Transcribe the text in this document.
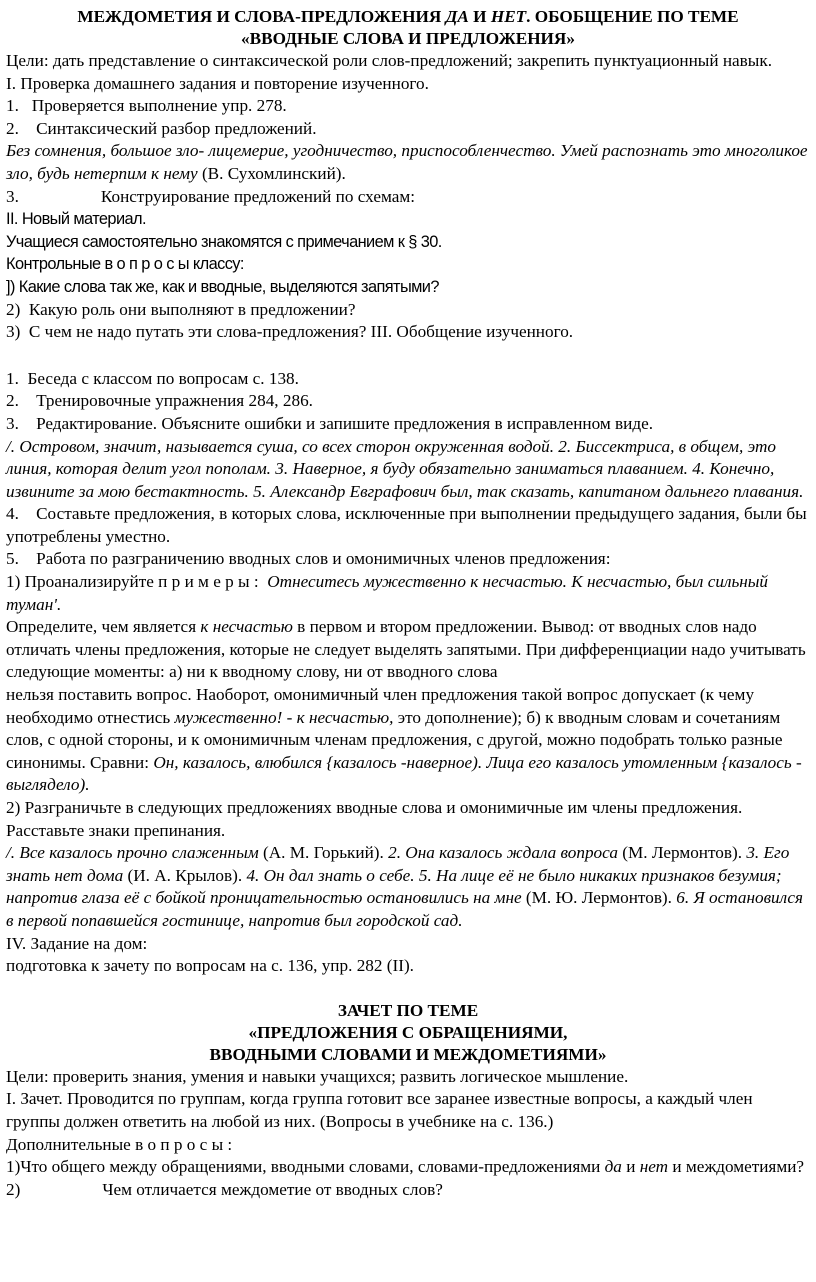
МЕЖДОМЕТИЯ И СЛОВА-ПРЕДЛОЖЕНИЯ ДА И НЕТ. ОБОБЩЕНИЕ ПО ТЕМЕ
«ВВОДНЫЕ СЛОВА И ПРЕДЛОЖЕНИЯ»

Цели: дать представление о синтаксической роли слов-предложений; закрепить пунктуационный навык.

I. Проверка домашнего задания и повторение изученного.

1.   Проверяется выполнение упр. 278.

2.    Синтаксический разбор предложений.

Без сомнения, большое зло- лицемерие, угодничество, приспособленчество. Умей распознать это многоликое зло, будь нетерпим к нему (В. Сухомлинский).

3.	Конструирование предложений по схемам:

II. Новый материал.

Учащиеся самостоятельно знакомятся с примечанием к § 30.

Контрольные в о п р о с ы классу:

]) Какие слова так же, как и вводные, выделяются запятыми?

2)  Какую роль они выполняют в предложении?

3)  С чем не надо путать эти слова-предложения? III. Обобщение изученного.

1.  Беседа с классом по вопросам с. 138.

2.    Тренировочные упражнения 284, 286.

3.    Редактирование. Объясните ошибки и запишите предложения в исправленном виде.

/. Островом, значит, называется суша, со всех сторон окруженная водой. 2. Биссектриса, в общем, это линия, которая делит угол пополам. 3. Наверное, я буду обязательно заниматься плаванием. 4. Конечно, извините за мою бестактность. 5. Александр Евграфович был, так сказать, капитаном дальнего плавания.

4.    Составьте предложения, в которых слова, исключенные при выполнении предыдущего задания, были бы употреблены уместно.

5.    Работа по разграничению вводных слов и омонимичных членов предложения:

1) Проанализируйте п р и м е р ы :  Отнеситесь мужественно к несчастью. К несчастью, был сильный туман'.

Определите, чем является к несчастью в первом и втором предложении. Вывод: от вводных слов надо отличать члены предложения, которые не следует выделять запятыми. При дифференциации надо учитывать следующие моменты: а) ни к вводному слову, ни от вводного слова

нельзя поставить вопрос. Наоборот, омонимичный член предложения такой вопрос допускает (к чему необходимо отнестись мужественно! - к несчастью, это дополнение); б) к вводным словам и сочетаниям слов, с одной стороны, и к омонимичным членам предложения, с другой, можно подобрать только разные синонимы. Сравни: Он, казалось, влюбился {казалось -наверное). Лица его казалось утомленным {казалось - выглядело).

2) Разграничьте в следующих предложениях вводные слова и омонимичные им члены предложения. Расставьте знаки препинания.

/. Все казалось прочно слаженным (А. М. Горький). 2. Она казалось ждала вопроса (М. Лермонтов). 3. Его знать нет дома (И. А. Крылов). 4. Он дал знать о себе. 5. На лице её не было никаких признаков безумия; напротив глаза её с бойкой проницательностью остановились на мне (М. Ю. Лермонтов). 6. Я остановился в первой попавшейся гостинице, напротив был городской сад.

IV. Задание на дом:

подготовка к зачету по вопросам на с. 136, упр. 282 (II).

ЗАЧЕТ ПО ТЕМЕ
«ПРЕДЛОЖЕНИЯ С ОБРАЩЕНИЯМИ,
ВВОДНЫМИ СЛОВАМИ И МЕЖДОМЕТИЯМИ»

Цели: проверить знания, умения и навыки учащихся; развить логическое мышление.

I. Зачет. Проводится по группам, когда группа готовит все заранее известные вопросы, а каждый член группы должен ответить на любой из них. (Вопросы в учебнике на с. 136.)

Дополнительные в о п р о с ы :

1)Что общего между обращениями, вводными словами, словами-предложениями да и нет и междометиями?

2)	Чем отличается междометие от вводных слов?
